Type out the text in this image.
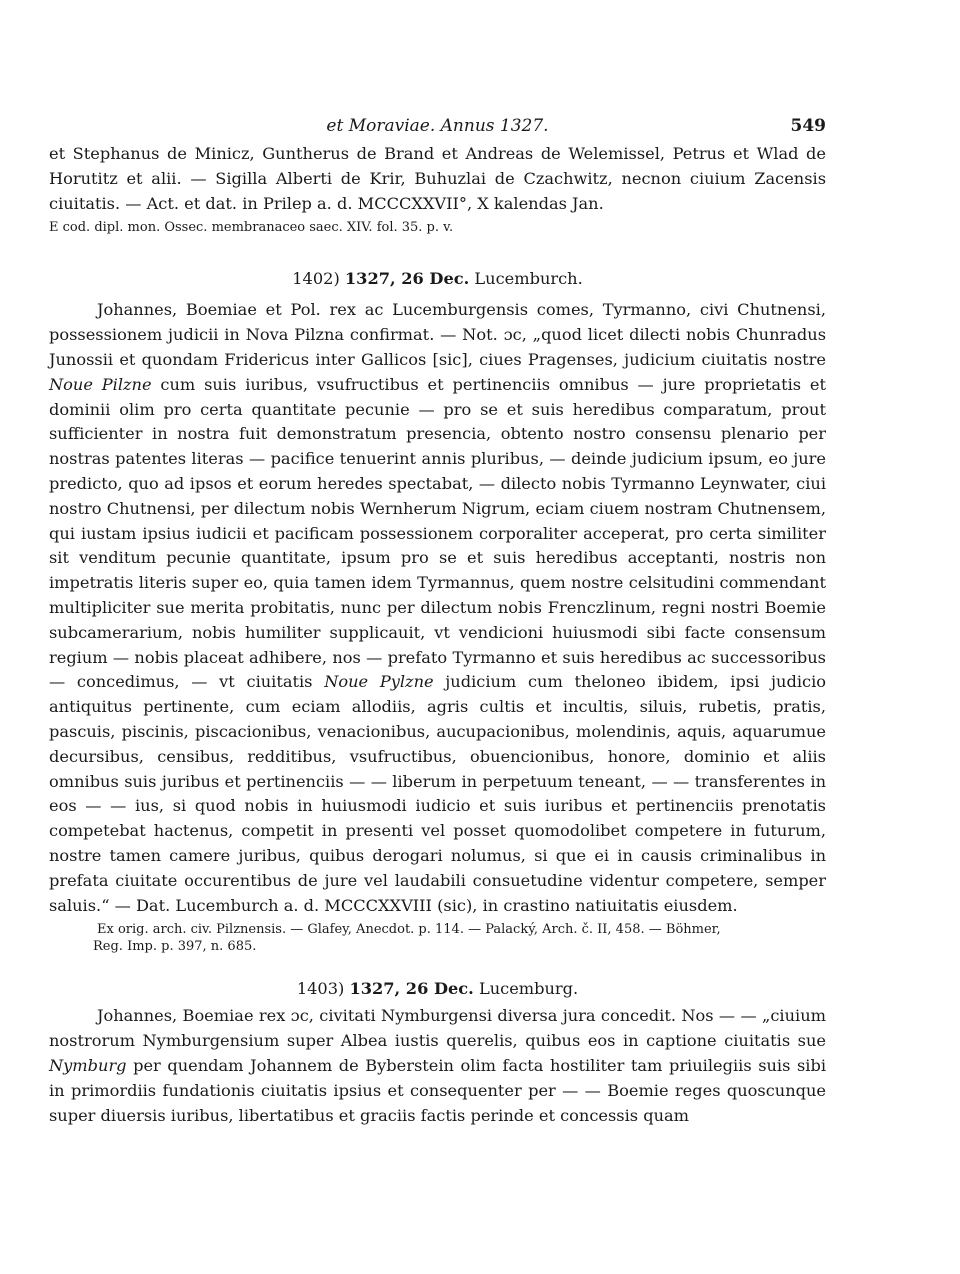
et Moraviae. Annus 1327.	549

et Stephanus de Minicz, Guntherus de Brand et Andreas de Welemissel, Petrus et Wlad de Horutitz et alii. — Sigilla Alberti de Krir, Buhuzlai de Czachwitz, necnon ciuium Zacensis ciuitatis. — Act. et dat. in Prilep a. d. MCCCXXVII°, X kalendas Jan.

E cod. dipl. mon. Ossec. membranaceo saec. XIV. fol. 35. p. v.

1402) 1327, 26 Dec. Lucemburch.

Johannes, Boemiae et Pol. rex ac Lucemburgensis comes, Tyrmanno, civi Chutnensi, possessionem judicii in Nova Pilzna confirmat. — Not. ɔc, „quod licet dilecti nobis Chunradus Junossii et quondam Fridericus inter Gallicos [sic], ciues Pragenses, judicium ciuitatis nostre Noue Pilzne cum suis iuribus, vsufructibus et pertinenciis omnibus — jure proprietatis et dominii olim pro certa quantitate pecunie — pro se et suis heredibus comparatum, prout sufficienter in nostra fuit demonstratum presencia, obtento nostro consensu plenario per nostras patentes literas — pacifice tenuerint annis pluribus, — deinde judicium ipsum, eo jure predicto, quo ad ipsos et eorum heredes spectabat, — dilecto nobis Tyrmanno Leynwater, ciui nostro Chutnensi, per dilectum nobis Wernherum Nigrum, eciam ciuem nostram Chutnensem, qui iustam ipsius iudicii et pacificam possessionem corporaliter acceperat, pro certa similiter sit venditum pecunie quantitate, ipsum pro se et suis heredibus acceptanti, nostris non impetratis literis super eo, quia tamen idem Tyrmannus, quem nostre celsitudini commendant multipliciter sue merita probitatis, nunc per dilectum nobis Frenczlinum, regni nostri Boemie subcamerarium, nobis humiliter supplicauit, vt vendicioni huiusmodi sibi facte consensum regium — nobis placeat adhibere, nos — prefato Tyrmanno et suis heredibus ac successoribus — concedimus, — vt ciuitatis Noue Pylzne judicium cum theloneo ibidem, ipsi judicio antiquitus pertinente, cum eciam allodiis, agris cultis et incultis, siluis, rubetis, pratis, pascuis, piscinis, piscacionibus, venacionibus, aucupacionibus, molendinis, aquis, aquarumue decursibus, censibus, redditibus, vsufructibus, obuencionibus, honore, dominio et aliis omnibus suis juribus et pertinenciis — — liberum in perpetuum teneant, — — transferentes in eos — — ius, si quod nobis in huiusmodi iudicio et suis iuribus et pertinenciis prenotatis competebat hactenus, competit in presenti vel posset quomodolibet competere in futurum, nostre tamen camere juribus, quibus derogari nolumus, si que ei in causis criminalibus in prefata ciuitate occurentibus de jure vel laudabili consuetudine videntur competere, semper saluis.“ — Dat. Lucemburch a. d. MCCCXXVIII (sic), in crastino natiuitatis eiusdem.

Ex orig. arch. civ. Pilznensis. — Glafey, Anecdot. p. 114. — Palacký, Arch. č. II, 458. — Böhmer,
Reg. Imp. p. 397, n. 685.

1403) 1327, 26 Dec. Lucemburg.

Johannes, Boemiae rex ɔc, civitati Nymburgensi diversa jura concedit. Nos — — „ciuium nostrorum Nymburgensium super Albea iustis querelis, quibus eos in captione ciuitatis sue Nymburg per quendam Johannem de Byberstein olim facta hostiliter tam priuilegiis suis sibi in primordiis fundationis ciuitatis ipsius et consequenter per — — Boemie reges quoscunque super diuersis iuribus, libertatibus et graciis factis perinde et concessis quam
